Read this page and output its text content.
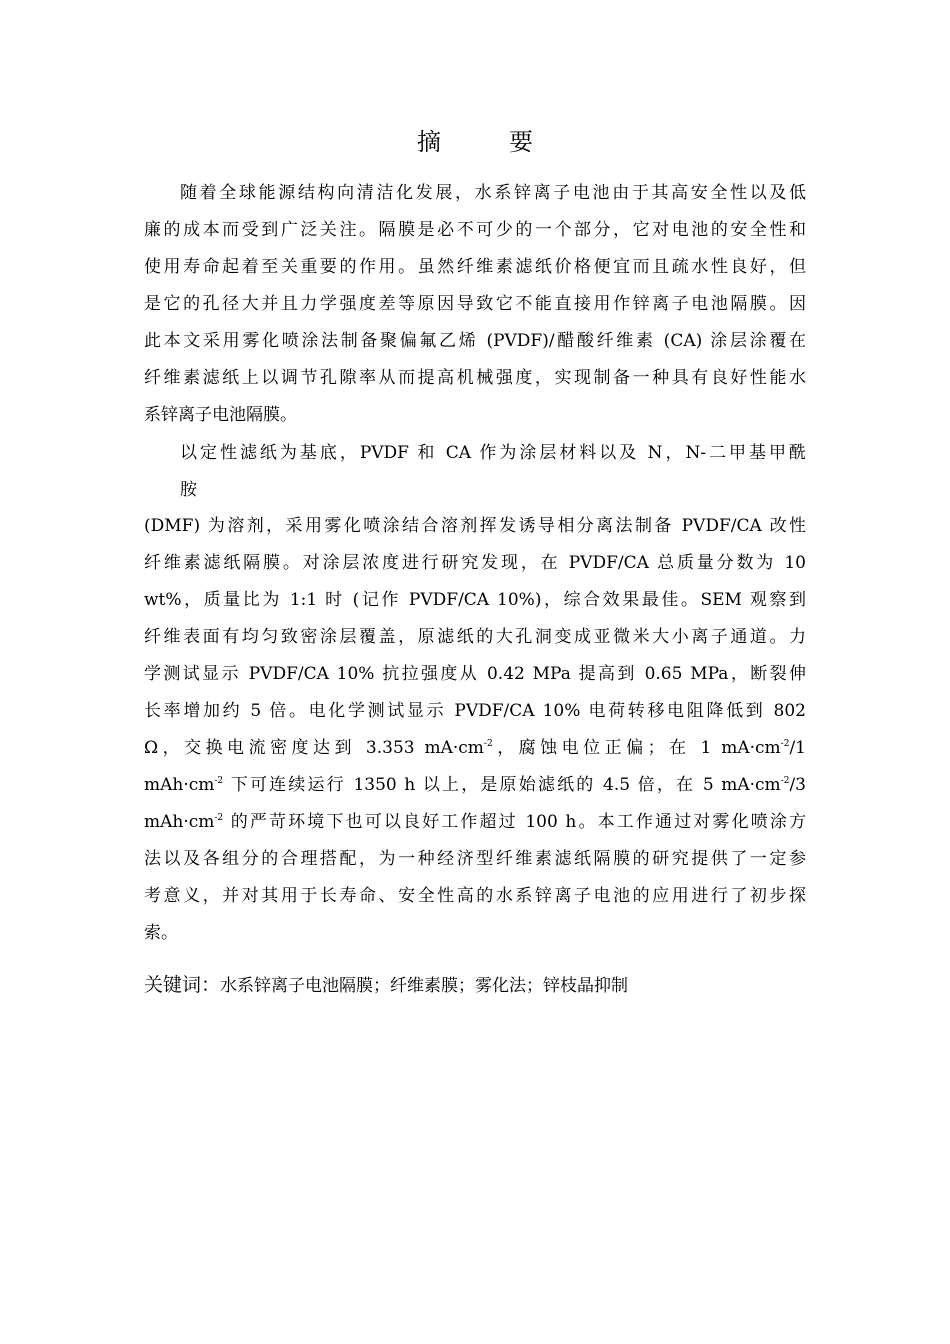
摘　要
随着全球能源结构向清洁化发展，水系锌离子电池由于其高安全性以及低
廉的成本而受到广泛关注。隔膜是必不可少的一个部分，它对电池的安全性和
使用寿命起着至关重要的作用。虽然纤维素滤纸价格便宜而且疏水性良好，但
是它的孔径大并且力学强度差等原因导致它不能直接用作锌离子电池隔膜。因
此本文采用雾化喷涂法制备聚偏氟乙烯 (PVDF)/醋酸纤维素 (CA) 涂层涂覆在
纤维素滤纸上以调节孔隙率从而提高机械强度，实现制备一种具有良好性能水
系锌离子电池隔膜。
以定性滤纸为基底，PVDF 和 CA 作为涂层材料以及 N，N-二甲基甲酰
胺
(DMF) 为溶剂，采用雾化喷涂结合溶剂挥发诱导相分离法制备 PVDF/CA 改性
纤维素滤纸隔膜。对涂层浓度进行研究发现，在 PVDF/CA 总质量分数为 10
wt%，质量比为 1:1 时 (记作 PVDF/CA 10%)，综合效果最佳。SEM 观察到
纤维表面有均匀致密涂层覆盖，原滤纸的大孔洞变成亚微米大小离子通道。力
学测试显示 PVDF/CA 10% 抗拉强度从 0.42 MPa 提高到 0.65 MPa，断裂伸
长率增加约 5 倍。电化学测试显示 PVDF/CA 10% 电荷转移电阻降低到 802
Ω，交换电流密度达到 3.353 $mA\cdot cm^{-2}$，腐蚀电位正偏；在 1 $mA\cdot cm^{-2}/1$
$mAh\cdot cm^{-2}$ 下可连续运行 1350 h 以上，是原始滤纸的 4.5 倍，在 5 $mA\cdot cm^{-2}/3$
$mAh\cdot cm^{-2}$ 的严苛环境下也可以良好工作超过 100 h。本工作通过对雾化喷涂方
法以及各组分的合理搭配，为一种经济型纤维素滤纸隔膜的研究提供了一定参
考意义，并对其用于长寿命、安全性高的水系锌离子电池的应用进行了初步探
索。
关键词：水系锌离子电池隔膜；纤维素膜；雾化法；锌枝晶抑制
